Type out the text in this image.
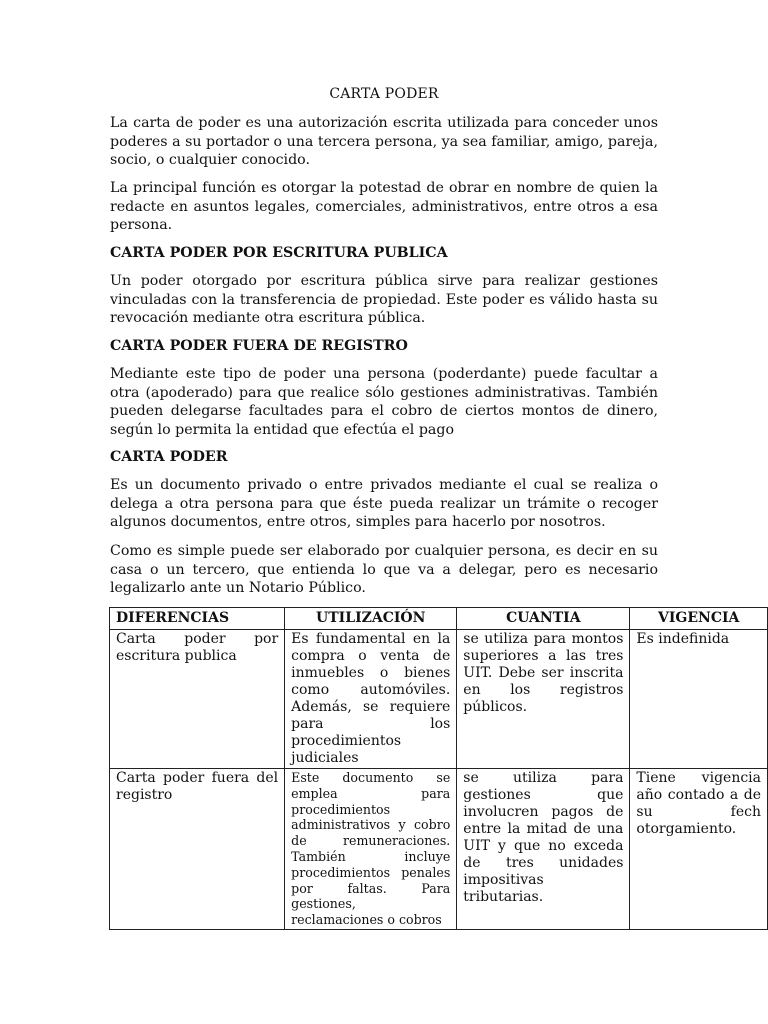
CARTA PODER

La carta de poder es una autorización escrita utilizada para conceder unos poderes a su portador o una tercera persona, ya sea familiar, amigo, pareja, socio, o cualquier conocido.

La principal función es otorgar la potestad de obrar en nombre de quien la redacte en asuntos legales, comerciales, administrativos, entre otros a esa persona.

CARTA PODER POR ESCRITURA PUBLICA

Un poder otorgado por escritura pública sirve para realizar gestiones vinculadas con la transferencia de propiedad. Este poder es válido hasta su revocación mediante otra escritura pública.

CARTA PODER FUERA DE REGISTRO

Mediante este tipo de poder una persona (poderdante) puede facultar a otra (apoderado) para que realice sólo gestiones administrativas. También pueden delegarse facultades para el cobro de ciertos montos de dinero, según lo permita la entidad que efectúa el pago

CARTA PODER

Es un documento privado o entre privados mediante el cual se realiza o delega a otra persona para que éste pueda realizar un trámite o recoger algunos documentos, entre otros, simples para hacerlo por nosotros.

Como es simple puede ser elaborado por cualquier persona, es decir en su casa o un tercero, que entienda lo que va a delegar, pero es necesario legalizarlo ante un Notario Público.

DIFERENCIAS	UTILIZACIÓN	CUANTIA	VIGENCIA
Carta poder por escritura publica	Es fundamental en la compra o venta de inmuebles o bienes como automóviles. Además, se requiere para los procedimientos judiciales	se utiliza para montos superiores a las tres UIT. Debe ser inscrita en los registros públicos.	Es indefinida
Carta poder fuera del registro	Este documento se emplea para procedimientos administrativos y cobro de remuneraciones. También incluye procedimientos penales por faltas. Para gestiones, reclamaciones o cobros	se utiliza para gestiones que involucren pagos de entre la mitad de una UIT y que no exceda de tres unidades impositivas tributarias.	Tiene vigencia año contado a de su fech otorgamiento.
